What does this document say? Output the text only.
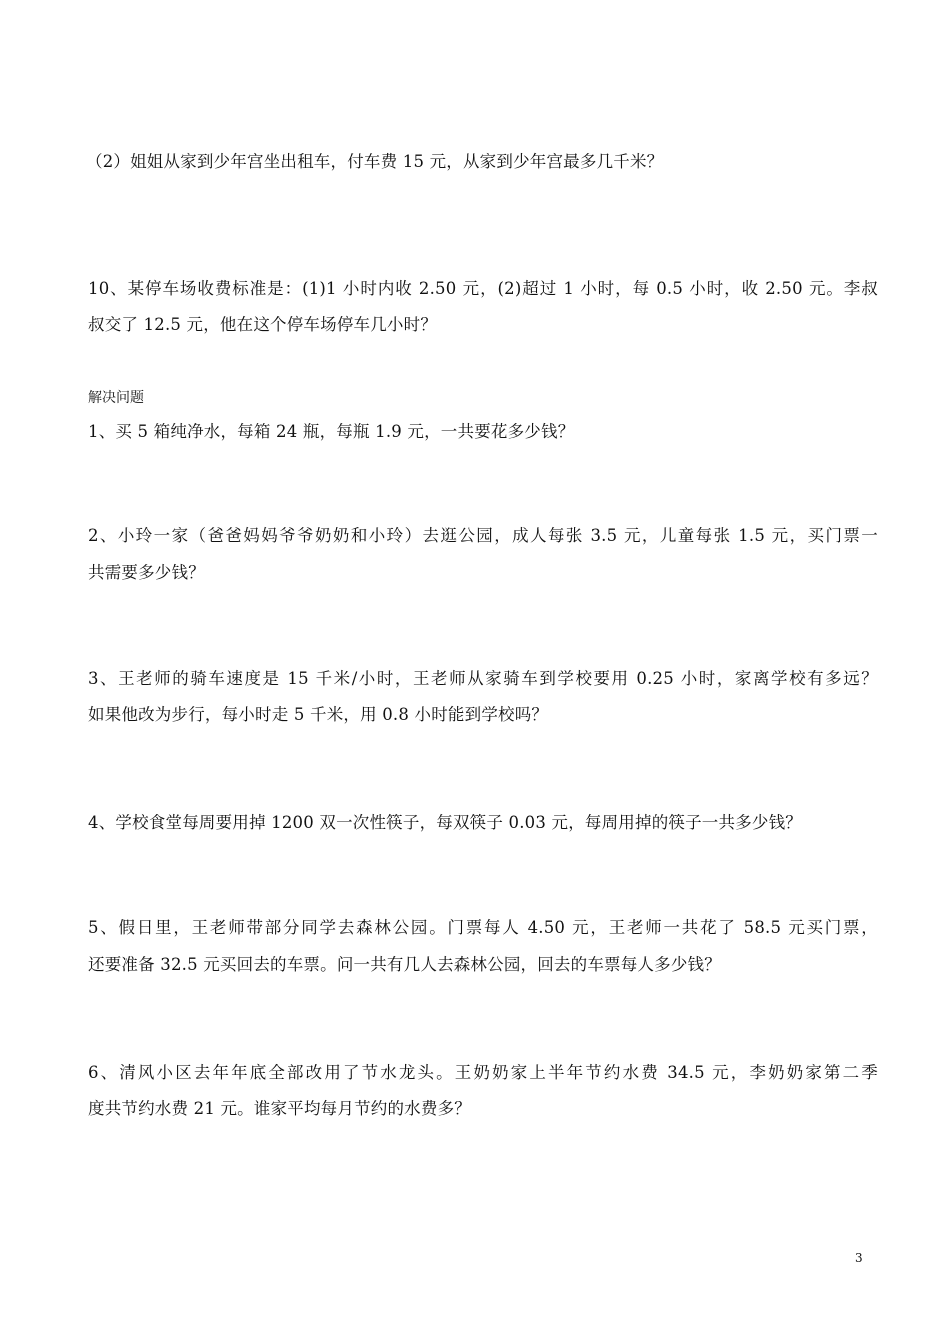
（2）姐姐从家到少年宫坐出租车，付车费 15 元，从家到少年宫最多几千米？
10、某停车场收费标准是：(1)1 小时内收 2.50 元，(2)超过 1 小时，每 0.5 小时，收 2.50 元。李叔
叔交了 12.5 元，他在这个停车场停车几小时？
解决问题
1、买 5 箱纯净水，每箱 24 瓶，每瓶 1.9 元，一共要花多少钱？
2、小玲一家（爸爸妈妈爷爷奶奶和小玲）去逛公园，成人每张 3.5 元，儿童每张 1.5 元，买门票一
共需要多少钱？
3、王老师的骑车速度是 15 千米/小时，王老师从家骑车到学校要用 0.25 小时，家离学校有多远？
如果他改为步行，每小时走 5 千米，用 0.8 小时能到学校吗？
4、学校食堂每周要用掉 1200 双一次性筷子，每双筷子 0.03 元，每周用掉的筷子一共多少钱？
5、假日里，王老师带部分同学去森林公园。门票每人 4.50 元，王老师一共花了 58.5 元买门票，
还要准备 32.5 元买回去的车票。问一共有几人去森林公园，回去的车票每人多少钱？
6、清风小区去年年底全部改用了节水龙头。王奶奶家上半年节约水费 34.5 元，李奶奶家第二季
度共节约水费 21 元。谁家平均每月节约的水费多？
3
